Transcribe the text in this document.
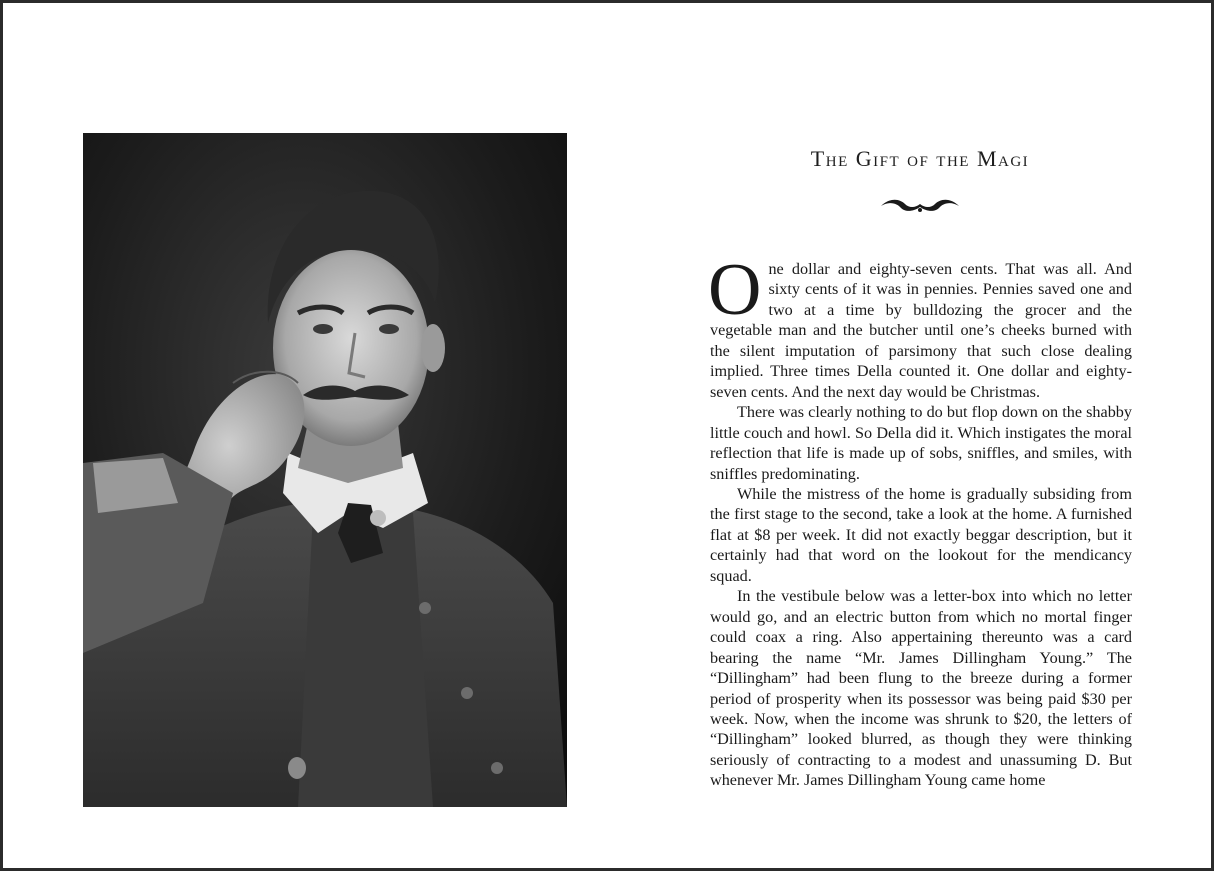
The Gift of the Magi

One dollar and eighty-seven cents. That was all. And sixty cents of it was in pennies. Pennies saved one and two at a time by bulldozing the grocer and the vegetable man and the butcher until one’s cheeks burned with the silent imputation of parsimony that such close dealing implied. Three times Della counted it. One dollar and eighty-seven cents. And the next day would be Christmas.

There was clearly nothing to do but flop down on the shabby little couch and howl. So Della did it. Which instigates the moral reflection that life is made up of sobs, sniffles, and smiles, with sniffles predominating.

While the mistress of the home is gradually subsiding from the first stage to the second, take a look at the home. A furnished flat at $8 per week. It did not exactly beggar description, but it certainly had that word on the lookout for the mendicancy squad.

In the vestibule below was a letter-box into which no letter would go, and an electric button from which no mortal finger could coax a ring. Also appertaining thereunto was a card bearing the name “Mr. James Dillingham Young.” The “Dillingham” had been flung to the breeze during a former period of prosperity when its possessor was being paid $30 per week. Now, when the income was shrunk to $20, the letters of “Dillingham” looked blurred, as though they were thinking seriously of contracting to a modest and unassuming D. But whenever Mr. James Dillingham Young came home
